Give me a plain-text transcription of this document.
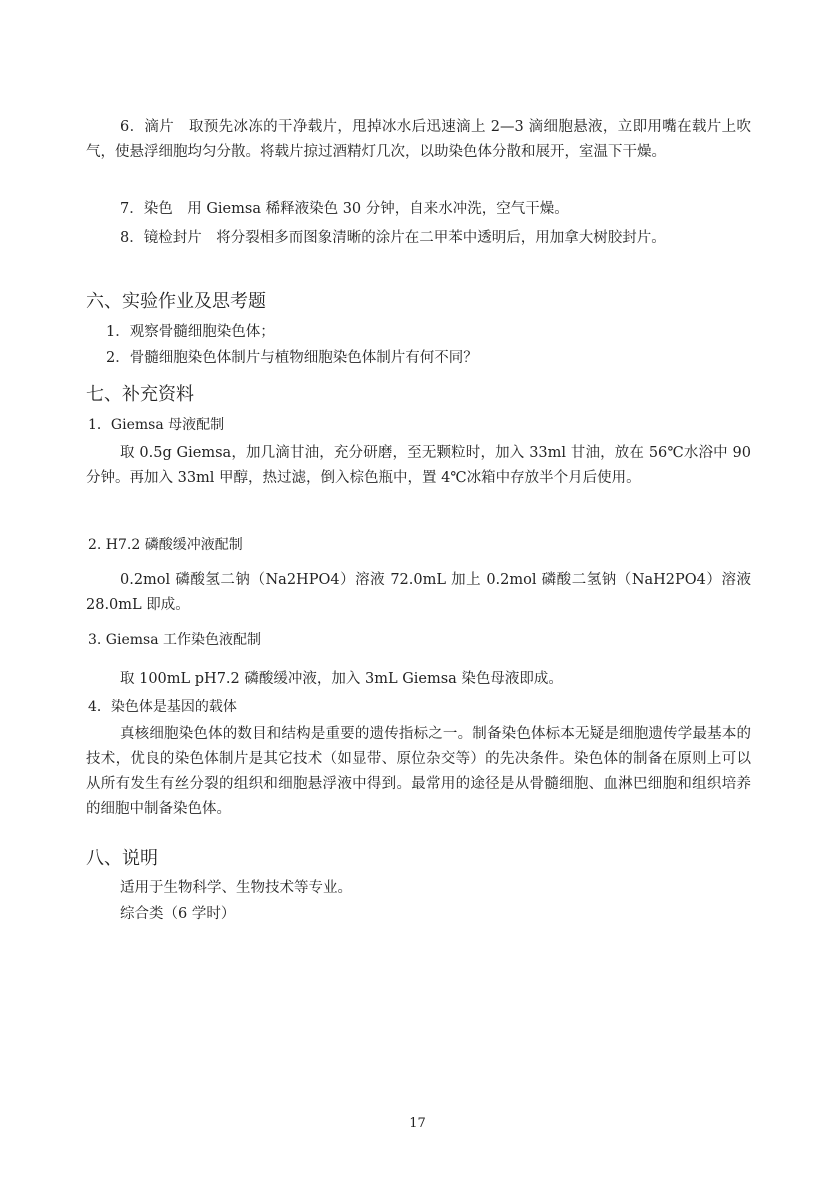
6．滴片　取预先冰冻的干净载片，甩掉冰水后迅速滴上 2—3 滴细胞悬液，立即用嘴在载片上吹气，使悬浮细胞均匀分散。将载片掠过酒精灯几次，以助染色体分散和展开，室温下干燥。

7．染色　用 Giemsa 稀释液染色 30 分钟，自来水冲洗，空气干燥。

8．镜检封片　将分裂相多而图象清晰的涂片在二甲苯中透明后，用加拿大树胶封片。

六、实验作业及思考题

1．观察骨髓细胞染色体；

2．骨髓细胞染色体制片与植物细胞染色体制片有何不同？

七、补充资料

1．Giemsa 母液配制

取 0.5g Giemsa，加几滴甘油，充分研磨，至无颗粒时，加入 33ml 甘油，放在 56℃水浴中 90 分钟。再加入 33ml 甲醇，热过滤，倒入棕色瓶中，置 4℃冰箱中存放半个月后使用。

2. H7.2 磷酸缓冲液配制

0.2mol 磷酸氢二钠（Na2HPO4）溶液 72.0mL 加上 0.2mol 磷酸二氢钠（NaH2PO4）溶液 28.0mL 即成。

3. Giemsa 工作染色液配制

取 100mL pH7.2 磷酸缓冲液，加入 3mL Giemsa 染色母液即成。

4．染色体是基因的载体

真核细胞染色体的数目和结构是重要的遗传指标之一。制备染色体标本无疑是细胞遗传学最基本的技术，优良的染色体制片是其它技术（如显带、原位杂交等）的先决条件。染色体的制备在原则上可以从所有发生有丝分裂的组织和细胞悬浮液中得到。最常用的途径是从骨髓细胞、血淋巴细胞和组织培养的细胞中制备染色体。

八、说明

适用于生物科学、生物技术等专业。

综合类（6 学时）

17
